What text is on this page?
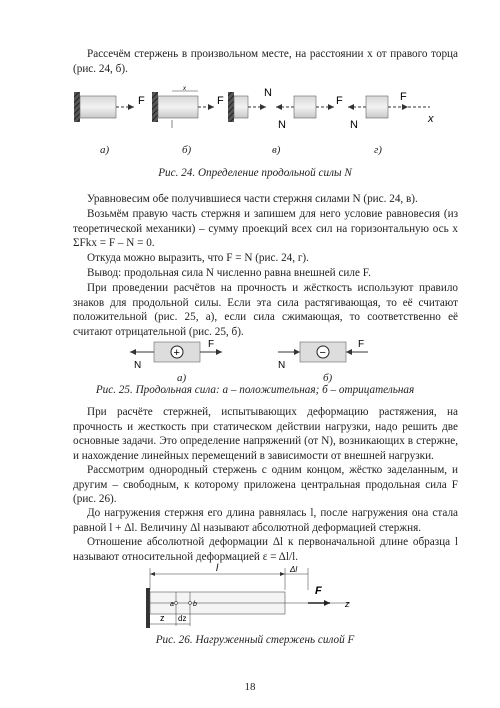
Рассечём стержень в произвольном месте, на расстоянии x от правого торца (рис. 24, б).

F
x
F
N
N
F
N
F
x
а)	б)	в)	г)

Рис. 24. Определение продольной силы N

Уравновесим обе получившиеся части стержня силами N (рис. 24, в).

Возьмём правую часть стержня и запишем для него условие равновесия (из теоретической механики) – сумму проекций всех сил на горизонтальную ось x ΣFkx = F – N = 0.

Откуда можно выразить, что F = N (рис. 24, г).

Вывод: продольная сила N численно равна внешней силе F.

При проведении расчётов на прочность и жёсткость используют правило знаков для продольной силы. Если эта сила растягивающая, то её считают положительной (рис. 25, а), если сила сжимающая, то соответственно её считают отрицательной (рис. 25, б).

N
+
F
N
−
F
а)	б)

Рис. 25. Продольная сила: а – положительная; б – отрицательная

При расчёте стержней, испытывающих деформацию растяжения, на прочность и жесткость при статическом действии нагрузки, надо решить две основные задачи. Это определение напряжений (от N), возникающих в стержне, и нахождение линейных перемещений в зависимости от внешней нагрузки.

Рассмотрим однородный стержень с одним концом, жёстко заделанным, и другим – свободным, к которому приложена центральная продольная сила F (рис. 26).

До нагружения стержня его длина равнялась l, после нагружения она стала равной l + Δl. Величину Δl называют абсолютной деформацией стержня.

Отношение абсолютной деформации Δl к первоначальной длине образца l называют относительной деформацией ε = Δl/l.

l	Δl
a	b
F
z
z dz

Рис. 26. Нагруженный стержень силой F

18
